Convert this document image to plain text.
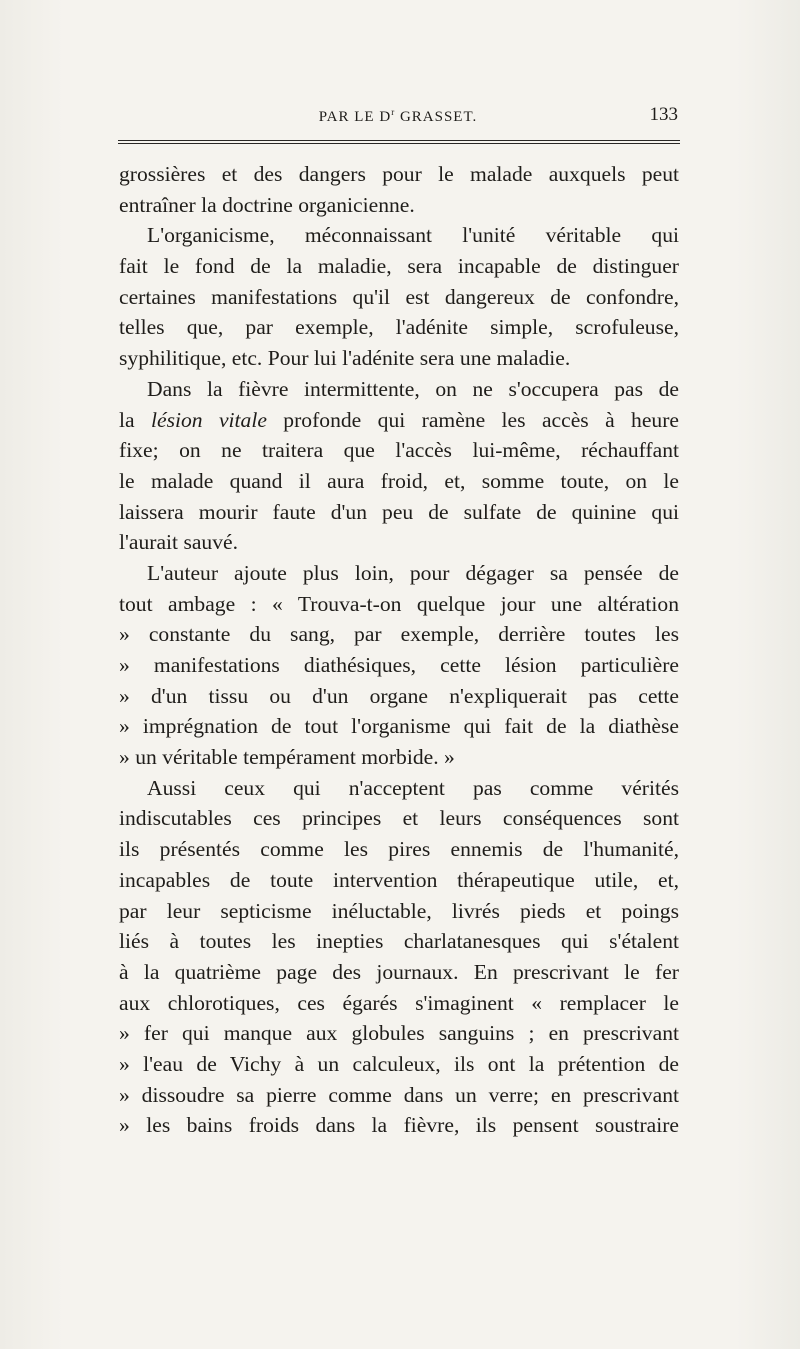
PAR LE $D^r$ GRASSET.	133
grossières et des dangers pour le malade auxquels peut
entraîner la doctrine organicienne.
L'organicisme, méconnaissant l'unité véritable qui
fait le fond de la maladie, sera incapable de distinguer
certaines manifestations qu'il est dangereux de confondre,
telles que, par exemple, l'adénite simple, scrofuleuse,
syphilitique, etc. Pour lui l'adénite sera une maladie.
Dans la fièvre intermittente, on ne s'occupera pas de
la lésion vitale profonde qui ramène les accès à heure
fixe; on ne traitera que l'accès lui-même, réchauffant
le malade quand il aura froid, et, somme toute, on le
laissera mourir faute d'un peu de sulfate de quinine qui
l'aurait sauvé.
L'auteur ajoute plus loin, pour dégager sa pensée de
tout ambage : « Trouva-t-on quelque jour une altération
» constante du sang, par exemple, derrière toutes les
» manifestations diathésiques, cette lésion particulière
» d'un tissu ou d'un organe n'expliquerait pas cette
» imprégnation de tout l'organisme qui fait de la diathèse
» un véritable tempérament morbide. »
Aussi ceux qui n'acceptent pas comme vérités
indiscutables ces principes et leurs conséquences sont
ils présentés comme les pires ennemis de l'humanité,
incapables de toute intervention thérapeutique utile, et,
par leur septicisme inéluctable, livrés pieds et poings
liés à toutes les inepties charlatanesques qui s'étalent
à la quatrième page des journaux. En prescrivant le fer
aux chlorotiques, ces égarés s'imaginent « remplacer le
» fer qui manque aux globules sanguins ; en prescrivant
» l'eau de Vichy à un calculeux, ils ont la prétention de
» dissoudre sa pierre comme dans un verre; en prescrivant
» les bains froids dans la fièvre, ils pensent soustraire
